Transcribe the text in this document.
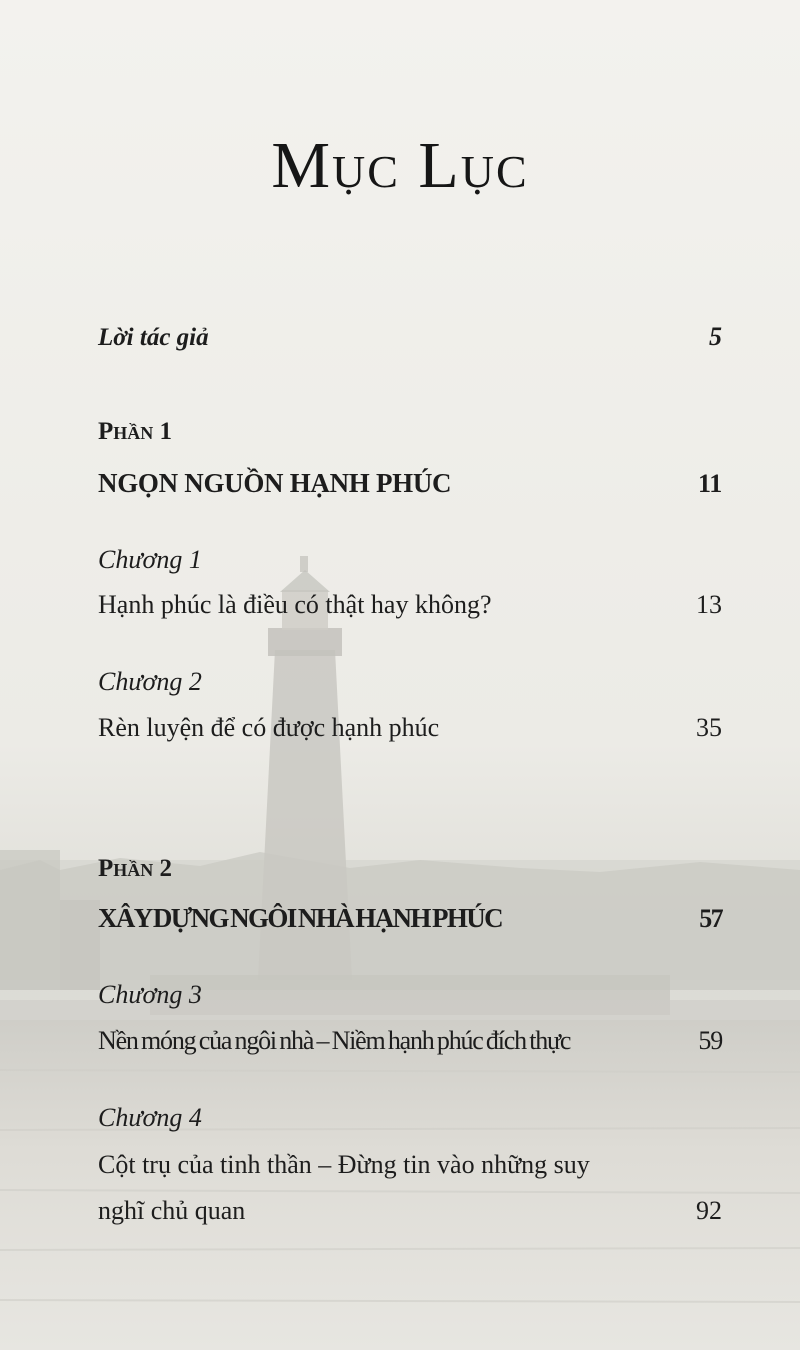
Mục Lục
Lời tác giả	5
Phần 1
NGỌN NGUỒN HẠNH PHÚC	11
Chương 1
Hạnh phúc là điều có thật hay không?	13
Chương 2
Rèn luyện để có được hạnh phúc	35
Phần 2
XÂY DỰNG NGÔI NHÀ HẠNH PHÚC	57
Chương 3
Nền móng của ngôi nhà – Niềm hạnh phúc đích thực	59
Chương 4
Cột trụ của tinh thần – Đừng tin vào những suy
nghĩ chủ quan	92
